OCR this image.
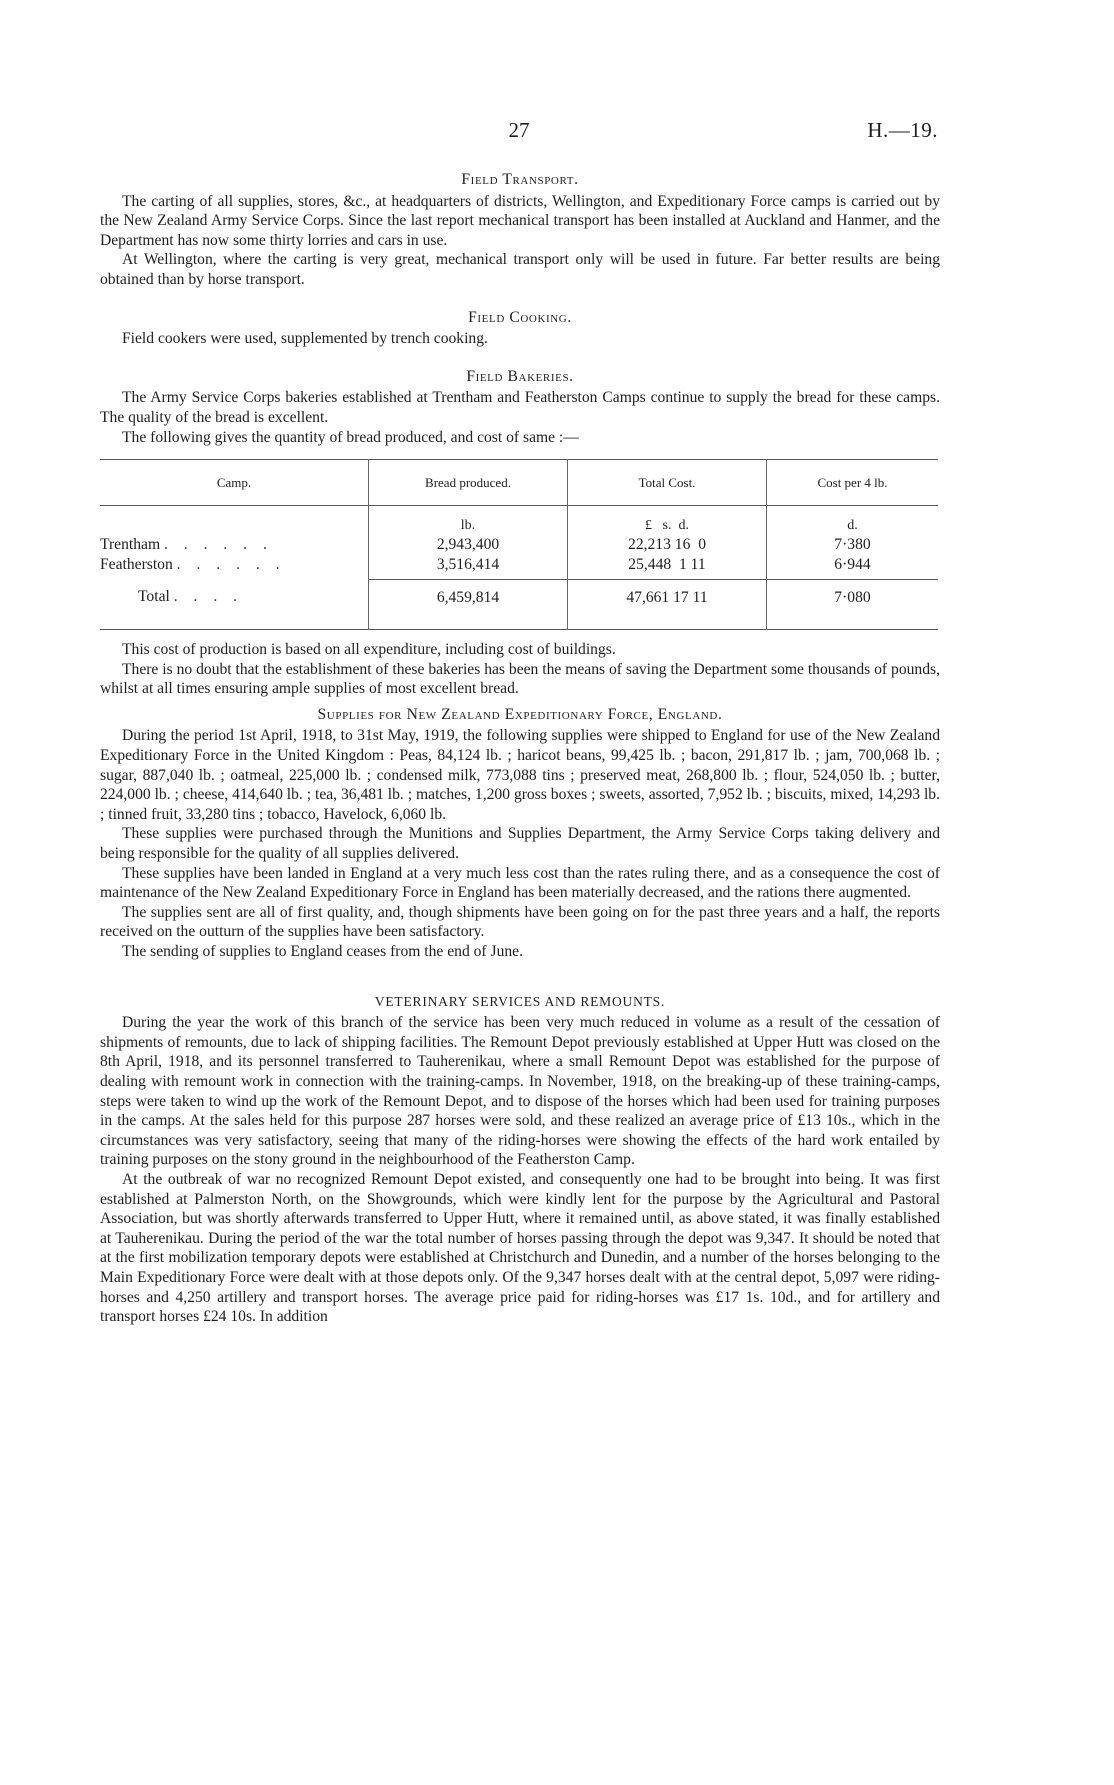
27	H.—19.
Field Transport.

The carting of all supplies, stores, &c., at headquarters of districts, Wellington, and Expeditionary Force camps is carried out by the New Zealand Army Service Corps. Since the last report mechanical transport has been installed at Auckland and Hanmer, and the Department has now some thirty lorries and cars in use.

At Wellington, where the carting is very great, mechanical transport only will be used in future. Far better results are being obtained than by horse transport.

Field Cooking.

Field cookers were used, supplemented by trench cooking.

Field Bakeries.

The Army Service Corps bakeries established at Trentham and Featherston Camps continue to supply the bread for these camps. The quality of the bread is excellent.

The following gives the quantity of bread produced, and cost of same :—

Camp.	Bread produced.	Total Cost.	Cost per 4 lb.
	lb.	£   s.  d.	d.
Trentham . . . . . .	2,943,400	22,213 16  0	7·380
Featherston . . . . . .	3,516,414	25,448  1 11	6·944
Total . . . .	6,459,814	47,661 17 11	7·080

This cost of production is based on all expenditure, including cost of buildings.

There is no doubt that the establishment of these bakeries has been the means of saving the Department some thousands of pounds, whilst at all times ensuring ample supplies of most excellent bread.

Supplies for New Zealand Expeditionary Force, England.

During the period 1st April, 1918, to 31st May, 1919, the following supplies were shipped to England for use of the New Zealand Expeditionary Force in the United Kingdom : Peas, 84,124 lb. ; haricot beans, 99,425 lb. ; bacon, 291,817 lb. ; jam, 700,068 lb. ; sugar, 887,040 lb. ; oatmeal, 225,000 lb. ; condensed milk, 773,088 tins ; preserved meat, 268,800 lb. ; flour, 524,050 lb. ; butter, 224,000 lb. ; cheese, 414,640 lb. ; tea, 36,481 lb. ; matches, 1,200 gross boxes ; sweets, assorted, 7,952 lb. ; biscuits, mixed, 14,293 lb. ; tinned fruit, 33,280 tins ; tobacco, Havelock, 6,060 lb.

These supplies were purchased through the Munitions and Supplies Department, the Army Service Corps taking delivery and being responsible for the quality of all supplies delivered.

These supplies have been landed in England at a very much less cost than the rates ruling there, and as a consequence the cost of maintenance of the New Zealand Expeditionary Force in England has been materially decreased, and the rations there augmented.

The supplies sent are all of first quality, and, though shipments have been going on for the past three years and a half, the reports received on the outturn of the supplies have been satisfactory.

The sending of supplies to England ceases from the end of June.

VETERINARY SERVICES AND REMOUNTS.

During the year the work of this branch of the service has been very much reduced in volume as a result of the cessation of shipments of remounts, due to lack of shipping facilities. The Remount Depot previously established at Upper Hutt was closed on the 8th April, 1918, and its personnel transferred to Tauherenikau, where a small Remount Depot was established for the purpose of dealing with remount work in connection with the training-camps. In November, 1918, on the breaking-up of these training-camps, steps were taken to wind up the work of the Remount Depot, and to dispose of the horses which had been used for training purposes in the camps. At the sales held for this purpose 287 horses were sold, and these realized an average price of £13 10s., which in the circumstances was very satisfactory, seeing that many of the riding-horses were showing the effects of the hard work entailed by training purposes on the stony ground in the neighbourhood of the Featherston Camp.

At the outbreak of war no recognized Remount Depot existed, and consequently one had to be brought into being. It was first established at Palmerston North, on the Showgrounds, which were kindly lent for the purpose by the Agricultural and Pastoral Association, but was shortly afterwards transferred to Upper Hutt, where it remained until, as above stated, it was finally established at Tauherenikau. During the period of the war the total number of horses passing through the depot was 9,347. It should be noted that at the first mobilization temporary depots were established at Christchurch and Dunedin, and a number of the horses belonging to the Main Expeditionary Force were dealt with at those depots only. Of the 9,347 horses dealt with at the central depot, 5,097 were riding-horses and 4,250 artillery and transport horses. The average price paid for riding-horses was £17 1s. 10d., and for artillery and transport horses £24 10s. In addition
